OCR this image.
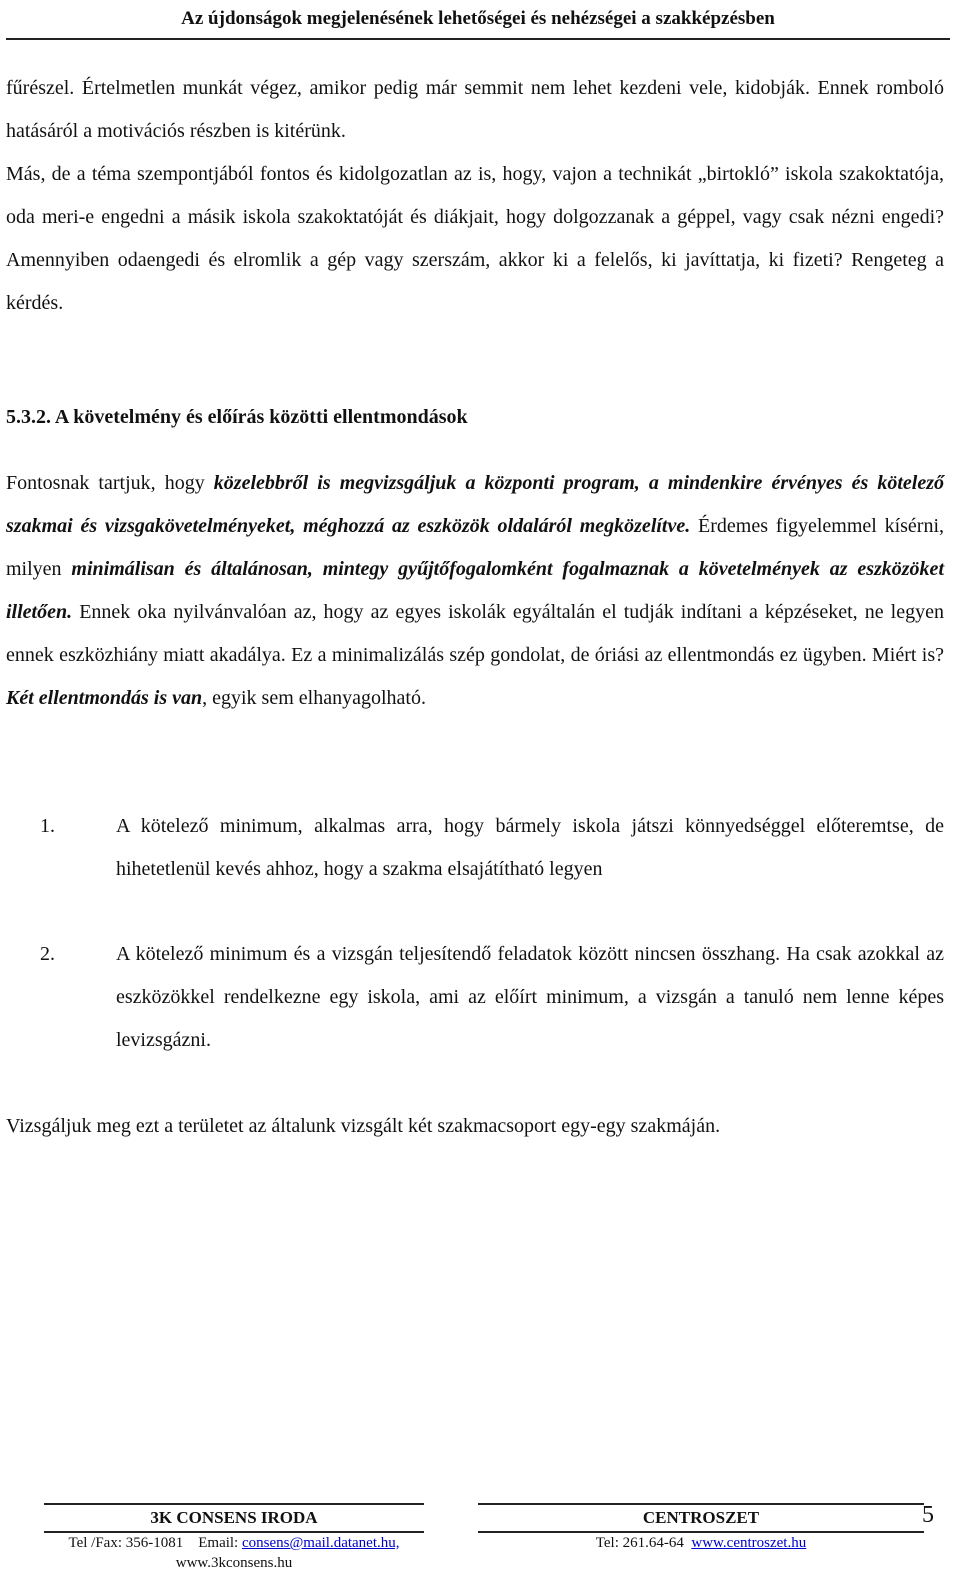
Az újdonságok megjelenésének lehetőségei és nehézségei a szakképzésben

fűrészel. Értelmetlen munkát végez, amikor pedig már semmit nem lehet kezdeni vele, kidobják. Ennek romboló hatásáról a motivációs részben is kitérünk.

Más, de a téma szempontjából fontos és kidolgozatlan az is, hogy, vajon a technikát „birtokló” iskola szakoktatója, oda meri-e engedni a másik iskola szakoktatóját és diákjait, hogy dolgozzanak a géppel, vagy csak nézni engedi? Amennyiben odaengedi és elromlik a gép vagy szerszám, akkor ki a felelős, ki javíttatja, ki fizeti? Rengeteg a kérdés.

5.3.2. A követelmény és előírás közötti ellentmondások

Fontosnak tartjuk, hogy közelebbről is megvizsgáljuk a központi program, a mindenkire érvényes és kötelező szakmai és vizsgakövetelményeket, méghozzá az eszközök oldaláról megközelítve. Érdemes figyelemmel kísérni, milyen minimálisan és általánosan, mintegy gyűjtőfogalomként fogalmaznak a követelmények az eszközöket illetően. Ennek oka nyilvánvalóan az, hogy az egyes iskolák egyáltalán el tudják indítani a képzéseket, ne legyen ennek eszközhiány miatt akadálya. Ez a minimalizálás szép gondolat, de óriási az ellentmondás ez ügyben. Miért is? Két ellentmondás is van, egyik sem elhanyagolható.

1.	A kötelező minimum, alkalmas arra, hogy bármely iskola játszi könnyedséggel előteremtse, de hihetetlenül kevés ahhoz, hogy a szakma elsajátítható legyen

2.	A kötelező minimum és a vizsgán teljesítendő feladatok között nincsen összhang. Ha csak azokkal az eszközökkel rendelkezne egy iskola, ami az előírt minimum, a vizsgán a tanuló nem lenne képes levizsgázni.

Vizsgáljuk meg ezt a területet az általunk vizsgált két szakmacsoport egy-egy szakmáján.

3K CONSENS IRODA
Tel /Fax: 356-1081    Email: consens@mail.datanet.hu,
www.3kconsens.hu
CENTROSZET
Tel: 261.64-64  www.centroszet.hu
5
